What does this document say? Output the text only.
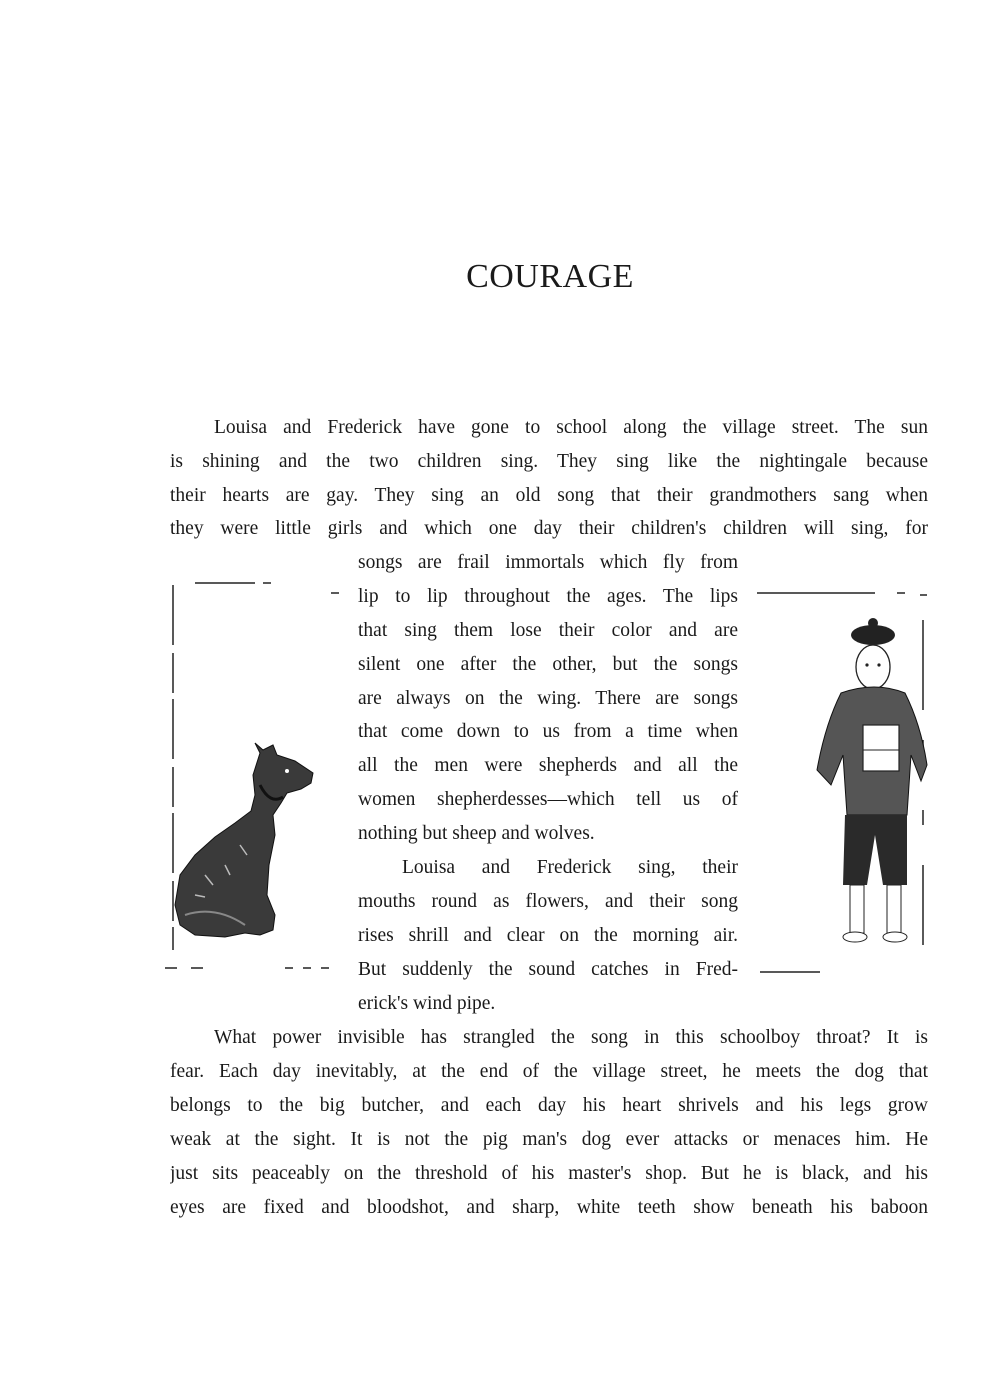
COURAGE
Louisa and Frederick have gone to school along the village street. The sun
is shining and the two children sing. They sing like the nightingale because
their hearts are gay. They sing an old song that their grandmothers sang when
they were little girls and which one day their children's children will sing, for
songs are frail immortals which fly from
lip to lip throughout the ages. The lips
that sing them lose their color and are
silent one after the other, but the songs
are always on the wing. There are songs
that come down to us from a time when
all the men were shepherds and all the
women shepherdesses—which tell us of
nothing but sheep and wolves.
Louisa and Frederick sing, their
mouths round as flowers, and their song
rises shrill and clear on the morning air.
But suddenly the sound catches in Fred-
erick's wind pipe.
What power invisible has strangled the song in this schoolboy throat? It is
fear. Each day inevitably, at the end of the village street, he meets the dog that
belongs to the big butcher, and each day his heart shrivels and his legs grow
weak at the sight. It is not the pig man's dog ever attacks or menaces him. He
just sits peaceably on the threshold of his master's shop. But he is black, and his
eyes are fixed and bloodshot, and sharp, white teeth show beneath his baboon
